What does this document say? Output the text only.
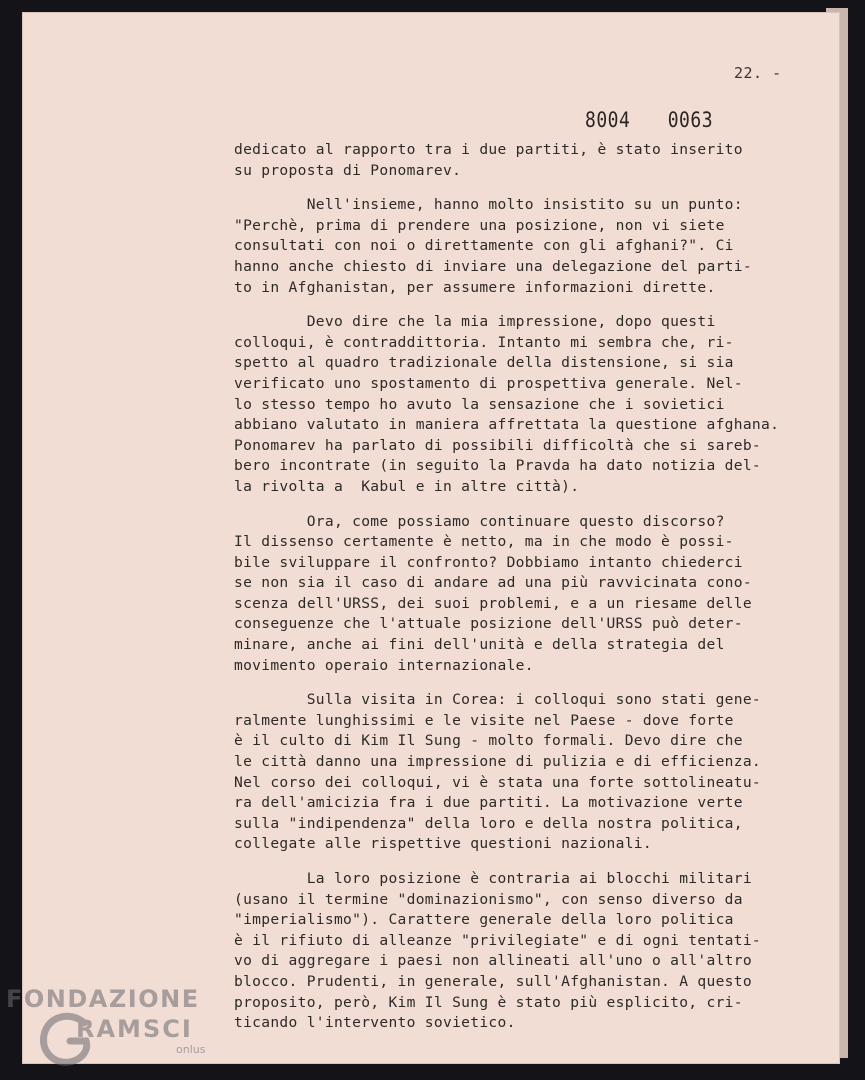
22. -
8004 0063
dedicato al rapporto tra i due partiti, è stato inserito
su proposta di Ponomarev.
Nell'insieme, hanno molto insistito su un punto:
"Perchè, prima di prendere una posizione, non vi siete
consultati con noi o direttamente con gli afghani?". Ci
hanno anche chiesto di inviare una delegazione del parti-
to in Afghanistan, per assumere informazioni dirette.
Devo dire che la mia impressione, dopo questi
colloqui, è contraddittoria. Intanto mi sembra che, ri-
spetto al quadro tradizionale della distensione, si sia
verificato uno spostamento di prospettiva generale. Nel-
lo stesso tempo ho avuto la sensazione che i sovietici
abbiano valutato in maniera affrettata la questione afghana.
Ponomarev ha parlato di possibili difficoltà che si sareb-
bero incontrate (in seguito la Pravda ha dato notizia del-
la rivolta a  Kabul e in altre città).
Ora, come possiamo continuare questo discorso?
Il dissenso certamente è netto, ma in che modo è possi-
bile sviluppare il confronto? Dobbiamo intanto chiederci
se non sia il caso di andare ad una più ravvicinata cono-
scenza dell'URSS, dei suoi problemi, e a un riesame delle
conseguenze che l'attuale posizione dell'URSS può deter-
minare, anche ai fini dell'unità e della strategia del
movimento operaio internazionale.
Sulla visita in Corea: i colloqui sono stati gene-
ralmente lunghissimi e le visite nel Paese - dove forte
è il culto di Kim Il Sung - molto formali. Devo dire che
le città danno una impressione di pulizia e di efficienza.
Nel corso dei colloqui, vi è stata una forte sottolineatu-
ra dell'amicizia fra i due partiti. La motivazione verte
sulla "indipendenza" della loro e della nostra politica,
collegate alle rispettive questioni nazionali.
La loro posizione è contraria ai blocchi militari
(usano il termine "dominazionismo", con senso diverso da
"imperialismo"). Carattere generale della loro politica
è il rifiuto di alleanze "privilegiate" e di ogni tentati-
vo di aggregare i paesi non allineati all'uno o all'altro
blocco. Prudenti, in generale, sull'Afghanistan. A questo
proposito, però, Kim Il Sung è stato più esplicito, cri-
ticando l'intervento sovietico.
FONDAZIONE
RAMSCI
onlus
